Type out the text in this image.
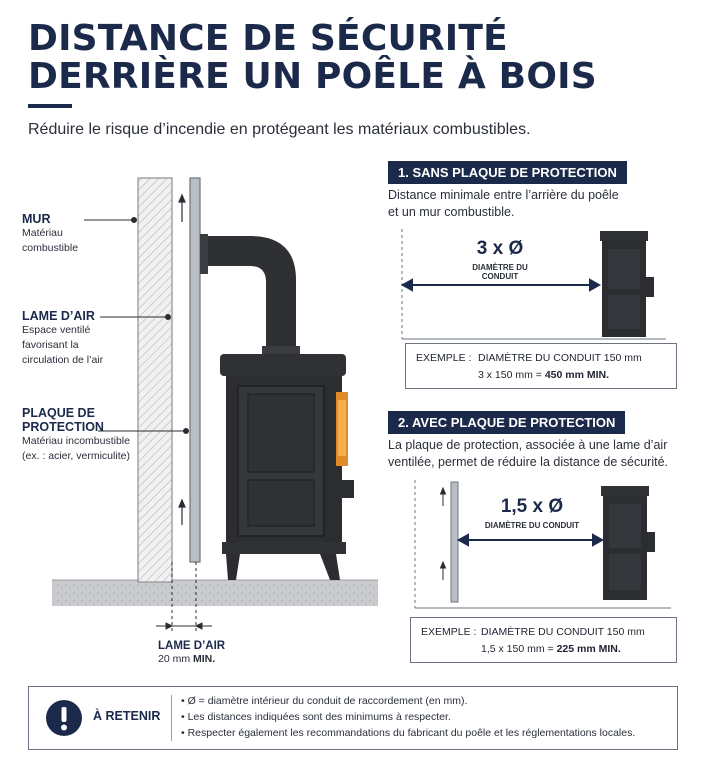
DISTANCE DE SÉCURITÉ
DERRIÈRE UN POÊLE À BOIS
Réduire le risque d’incendie en protégeant les matériaux combustibles.
MUR
Matériau
combustible
LAME D’AIR
Espace ventilé
favorisant la
circulation de l’air
PLAQUE DE
PROTECTION
Matériau incombustible
(ex. : acier, vermiculite)
LAME D’AIR
20 mm MIN.
1. SANS PLAQUE DE PROTECTION
Distance minimale entre l’arrière du poêle
et un mur combustible.
3 x Ø
DIAMÈTRE DU CONDUIT
EXEMPLE : DIAMÈTRE DU CONDUIT 150 mm
3 x 150 mm = 450 mm MIN.
2. AVEC PLAQUE DE PROTECTION
La plaque de protection, associée à une lame d’air
ventilée, permet de réduire la distance de sécurité.
1,5 x Ø
DIAMÈTRE DU CONDUIT
EXEMPLE : DIAMÈTRE DU CONDUIT 150 mm
1,5 x 150 mm = 225 mm MIN.
À RETENIR
• Ø = diamètre intérieur du conduit de raccordement (en mm).
• Les distances indiquées sont des minimums à respecter.
• Respecter également les recommandations du fabricant du poêle et les réglementations locales.
